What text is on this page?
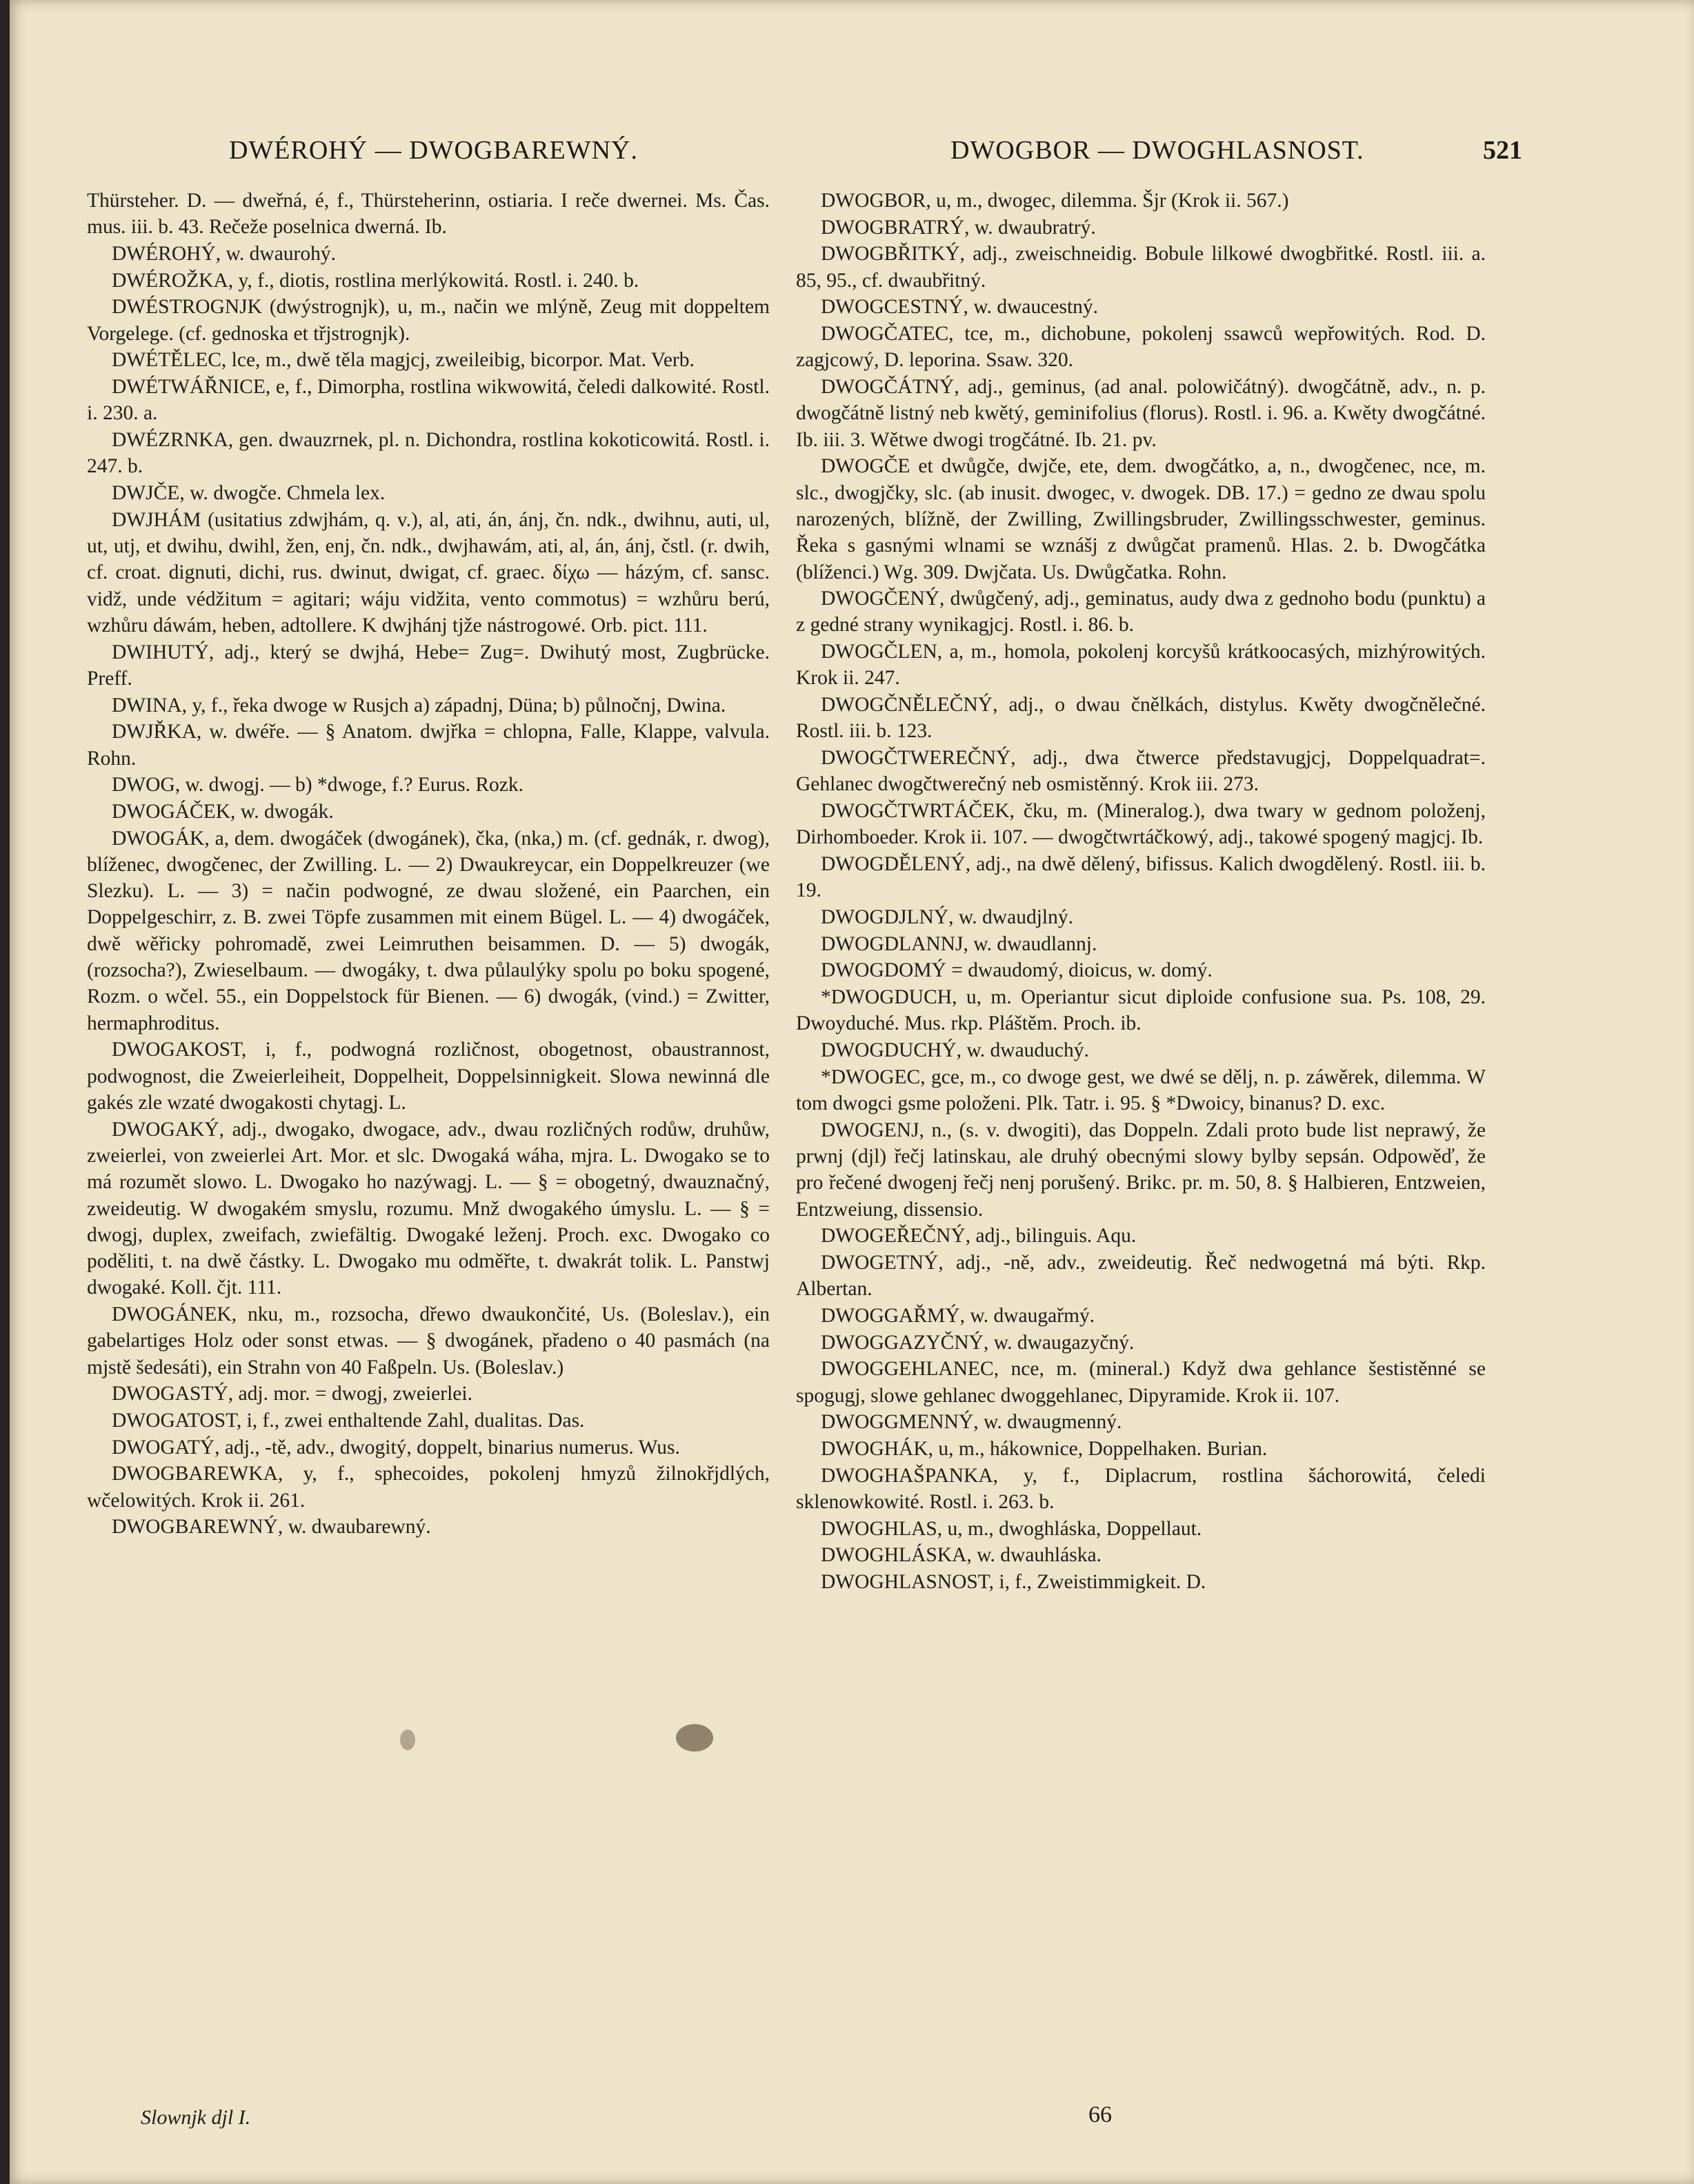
DWÉROHÝ — DWOGBAREWNÝ.	DWOGBOR — DWOGHLASNOST.	521

Thürsteher. D. — dweřná, é, f., Thürsteherinn, ostiaria. I reče dwernei. Ms. Čas. mus. iii. b. 43. Rečeže poselnica dwerná. Ib.

DWÉROHÝ, w. dwaurohý.

DWÉROŽKA, y, f., diotis, rostlina merlýkowitá. Rostl. i. 240. b.

DWÉSTROGNJK (dwýstrognjk), u, m., način we mlýně, Zeug mit doppeltem Vorgelege. (cf. gednoska et třjstrognjk).

DWÉTĚLEC, lce, m., dwě těla magjcj, zweileibig, bicorpor. Mat. Verb.

DWÉTWÁŘNICE, e, f., Dimorpha, rostlina wikwowitá, čeledi dalkowité. Rostl. i. 230. a.

DWÉZRNKA, gen. dwauzrnek, pl. n. Dichondra, rostlina kokoticowitá. Rostl. i. 247. b.

DWJČE, w. dwogče. Chmela lex.

DWJHÁM (usitatius zdwjhám, q. v.), al, ati, án, ánj, čn. ndk., dwihnu, auti, ul, ut, utj, et dwihu, dwihl, žen, enj, čn. ndk., dwjhawám, ati, al, án, ánj, čstl. (r. dwih, cf. croat. dignuti, dichi, rus. dwinut, dwigat, cf. graec. δίχω — házým, cf. sansc. vidž, unde védžitum = agitari; wáju vidžita, vento commotus) = wzhůru berú, wzhůru dáwám, heben, adtollere. K dwjhánj tjže nástrogowé. Orb. pict. 111.

DWIHUTÝ, adj., který se dwjhá, Hebe= Zug=. Dwihutý most, Zugbrücke. Preff.

DWINA, y, f., řeka dwoge w Rusjch a) západnj, Düna; b) půlnočnj, Dwina.

DWJŘKA, w. dwéře. — § Anatom. dwjřka = chlopna, Falle, Klappe, valvula. Rohn.

DWOG, w. dwogj. — b) *dwoge, f.? Eurus. Rozk.

DWOGÁČEK, w. dwogák.

DWOGÁK, a, dem. dwogáček (dwogánek), čka, (nka,) m. (cf. gednák, r. dwog), blíženec, dwogčenec, der Zwilling. L. — 2) Dwaukreycar, ein Doppelkreuzer (we Slezku). L. — 3) = način podwogné, ze dwau složené, ein Paarchen, ein Doppelgeschirr, z. B. zwei Töpfe zusammen mit einem Bügel. L. — 4) dwogáček, dwě wěřicky pohromadě, zwei Leimruthen beisammen. D. — 5) dwogák, (rozsocha?), Zwieselbaum. — dwogáky, t. dwa půlaulýky spolu po boku spogené, Rozm. o wčel. 55., ein Doppelstock für Bienen. — 6) dwogák, (vind.) = Zwitter, hermaphroditus.

DWOGAKOST, i, f., podwogná rozličnost, obogetnost, obaustrannost, podwognost, die Zweierleiheit, Doppelheit, Doppelsinnigkeit. Slowa newinná dle gakés zle wzaté dwogakosti chytagj. L.

DWOGAKÝ, adj., dwogako, dwogace, adv., dwau rozličných rodůw, druhůw, zweierlei, von zweierlei Art. Mor. et slc. Dwogaká wáha, mjra. L. Dwogako se to má rozumět slowo. L. Dwogako ho nazýwagj. L. — § = obogetný, dwauznačný, zweideutig. W dwogakém smyslu, rozumu. Mnž dwogakého úmyslu. L. — § = dwogj, duplex, zweifach, zwiefältig. Dwogaké leženj. Proch. exc. Dwogako co poděliti, t. na dwě částky. L. Dwogako mu odměřte, t. dwakrát tolik. L. Panstwj dwogaké. Koll. čjt. 111.

DWOGÁNEK, nku, m., rozsocha, dřewo dwaukončité, Us. (Boleslav.), ein gabelartiges Holz oder sonst etwas. — § dwogánek, přadeno o 40 pasmách (na mjstě šedesáti), ein Strahn von 40 Faßpeln. Us. (Boleslav.)

DWOGASTÝ, adj. mor. = dwogj, zweierlei.

DWOGATOST, i, f., zwei enthaltende Zahl, dualitas. Das.

DWOGATÝ, adj., -tě, adv., dwogitý, doppelt, binarius numerus. Wus.

DWOGBAREWKA, y, f., sphecoides, pokolenj hmyzů žilnokřjdlých, wčelowitých. Krok ii. 261.

DWOGBAREWNÝ, w. dwaubarewný.

DWOGBOR, u, m., dwogec, dilemma. Šjr (Krok ii. 567.)

DWOGBRATRÝ, w. dwaubratrý.

DWOGBŘITKÝ, adj., zweischneidig. Bobule lilkowé dwogbřitké. Rostl. iii. a. 85, 95., cf. dwaubřitný.

DWOGCESTNÝ, w. dwaucestný.

DWOGČATEC, tce, m., dichobune, pokolenj ssawců wepřowitých. Rod. D. zagjcowý, D. leporina. Ssaw. 320.

DWOGČÁTNÝ, adj., geminus, (ad anal. polowičátný). dwogčátně, adv., n. p. dwogčátně listný neb kwětý, geminifolius (florus). Rostl. i. 96. a. Kwěty dwogčátné. Ib. iii. 3. Wětwe dwogi trogčátné. Ib. 21. pv.

DWOGČE et dwůgče, dwjče, ete, dem. dwogčátko, a, n., dwogčenec, nce, m. slc., dwogjčky, slc. (ab inusit. dwogec, v. dwogek. DB. 17.) = gedno ze dwau spolu narozených, blížně, der Zwilling, Zwillingsbruder, Zwillingsschwester, geminus. Řeka s gasnými wlnami se wznášj z dwůgčat pramenů. Hlas. 2. b. Dwogčátka (blíženci.) Wg. 309. Dwjčata. Us. Dwůgčatka. Rohn.

DWOGČENÝ, dwůgčený, adj., geminatus, audy dwa z gednoho bodu (punktu) a z gedné strany wynikagjcj. Rostl. i. 86. b.

DWOGČLEN, a, m., homola, pokolenj korcyšů krátkoocasých, mizhýrowitých. Krok ii. 247.

DWOGČNĚLEČNÝ, adj., o dwau čnělkách, distylus. Kwěty dwogčnělečné. Rostl. iii. b. 123.

DWOGČTWEREČNÝ, adj., dwa čtwerce představugjcj, Doppelquadrat=. Gehlanec dwogčtwerečný neb osmistěnný. Krok iii. 273.

DWOGČTWRTÁČEK, čku, m. (Mineralog.), dwa twary w gednom položenj, Dirhomboeder. Krok ii. 107. — dwogčtwrtáčkowý, adj., takowé spogený magjcj. Ib.

DWOGDĚLENÝ, adj., na dwě dělený, bifissus. Kalich dwogdělený. Rostl. iii. b. 19.

DWOGDJLNÝ, w. dwaudjlný.

DWOGDLANNJ, w. dwaudlannj.

DWOGDOMÝ = dwaudomý, dioicus, w. domý.

*DWOGDUCH, u, m. Operiantur sicut diploide confusione sua. Ps. 108, 29. Dwoyduché. Mus. rkp. Pláštěm. Proch. ib.

DWOGDUCHÝ, w. dwauduchý.

*DWOGEC, gce, m., co dwoge gest, we dwé se dělj, n. p. záwěrek, dilemma. W tom dwogci gsme položeni. Plk. Tatr. i. 95. § *Dwoicy, binanus? D. exc.

DWOGENJ, n., (s. v. dwogiti), das Doppeln. Zdali proto bude list neprawý, že prwnj (djl) řečj latinskau, ale druhý obecnými slowy bylby sepsán. Odpowěď, že pro řečené dwogenj řečj nenj porušený. Brikc. pr. m. 50, 8. § Halbieren, Entzweien, Entzweiung, dissensio.

DWOGEŘEČNÝ, adj., bilinguis. Aqu.

DWOGETNÝ, adj., -ně, adv., zweideutig. Řeč nedwogetná má býti. Rkp. Albertan.

DWOGGAŘMÝ, w. dwaugařmý.

DWOGGAZYČNÝ, w. dwaugazyčný.

DWOGGEHLANEC, nce, m. (mineral.) Když dwa gehlance šestistěnné se spogugj, slowe gehlanec dwoggehlanec, Dipyramide. Krok ii. 107.

DWOGGMENNÝ, w. dwaugmenný.

DWOGHÁK, u, m., hákownice, Doppelhaken. Burian.

DWOGHAŠPANKA, y, f., Diplacrum, rostlina šáchorowitá, čeledi sklenowkowité. Rostl. i. 263. b.

DWOGHLAS, u, m., dwoghláska, Doppellaut.

DWOGHLÁSKA, w. dwauhláska.

DWOGHLASNOST, i, f., Zweistimmigkeit. D.

Slownjk djl I.	66
